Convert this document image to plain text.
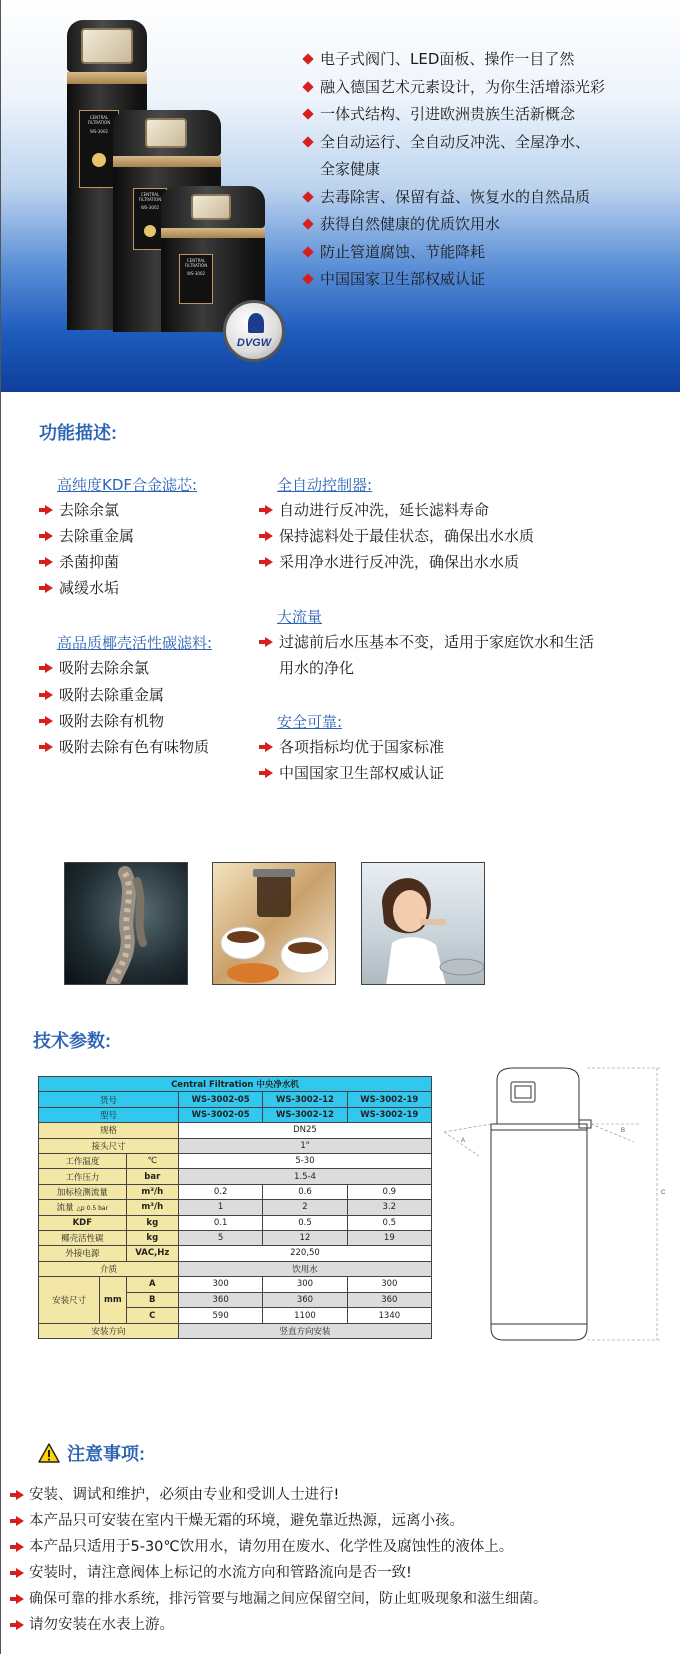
CENTRAL
FILTRATION
WS-3002
CENTRAL
FILTRATION
WS-3002
CENTRAL
FILTRATION
WS-3002
DVGW
电子式阀门、LED面板、操作一目了然
融入德国艺术元素设计，为你生活增添光彩
一体式结构、引进欧洲贵族生活新概念
全自动运行、全自动反冲洗、全屋净水、
全家健康
去毒除害、保留有益、恢复水的自然品质
获得自然健康的优质饮用水
防止管道腐蚀、节能降耗
中国国家卫生部权威认证
功能描述:
高纯度KDF合金滤芯:
去除余氯
去除重金属
杀菌抑菌
减缓水垢
高品质椰壳活性碳滤料:
吸附去除余氯
吸附去除重金属
吸附去除有机物
吸附去除有色有味物质
全自动控制器:
自动进行反冲洗，延长滤料寿命
保持滤料处于最佳状态，确保出水水质
采用净水进行反冲洗，确保出水水质
大流量
过滤前后水压基本不变，适用于家庭饮水和生活
用水的净化
安全可靠:
各项指标均优于国家标准
中国国家卫生部权威认证
技术参数:
Central Filtration 中央净水机
货号	WS-3002-05	WS-3002-12	WS-3002-19
型号	WS-3002-05	WS-3002-12	WS-3002-19
规格	DN25
接头尺寸	1"
工作温度	℃	5-30
工作压力	bar	1.5-4
加标检测流量	m³/h	0.2	0.6	0.9
流量 △p 0.5 bar	m³/h	1	2	3.2
KDF	kg	0.1	0.5	0.5
椰壳活性碳	kg	5	12	19
外接电源	VAC,Hz	220,50
介质	饮用水

安装尺寸	mm
	A	300	300	300
B	360	360	360
C	590	1100	1340
安装方向	竖直方向安装
A
B
C
注意事项:
安装、调试和维护，必须由专业和受训人士进行!
本产品只可安装在室内干燥无霜的环境，避免靠近热源，远离小孩。
本产品只适用于5-30℃饮用水，请勿用在废水、化学性及腐蚀性的液体上。
安装时，请注意阀体上标记的水流方向和管路流向是否一致!
确保可靠的排水系统，排污管要与地漏之间应保留空间，防止虹吸现象和滋生细菌。
请勿安装在水表上游。
